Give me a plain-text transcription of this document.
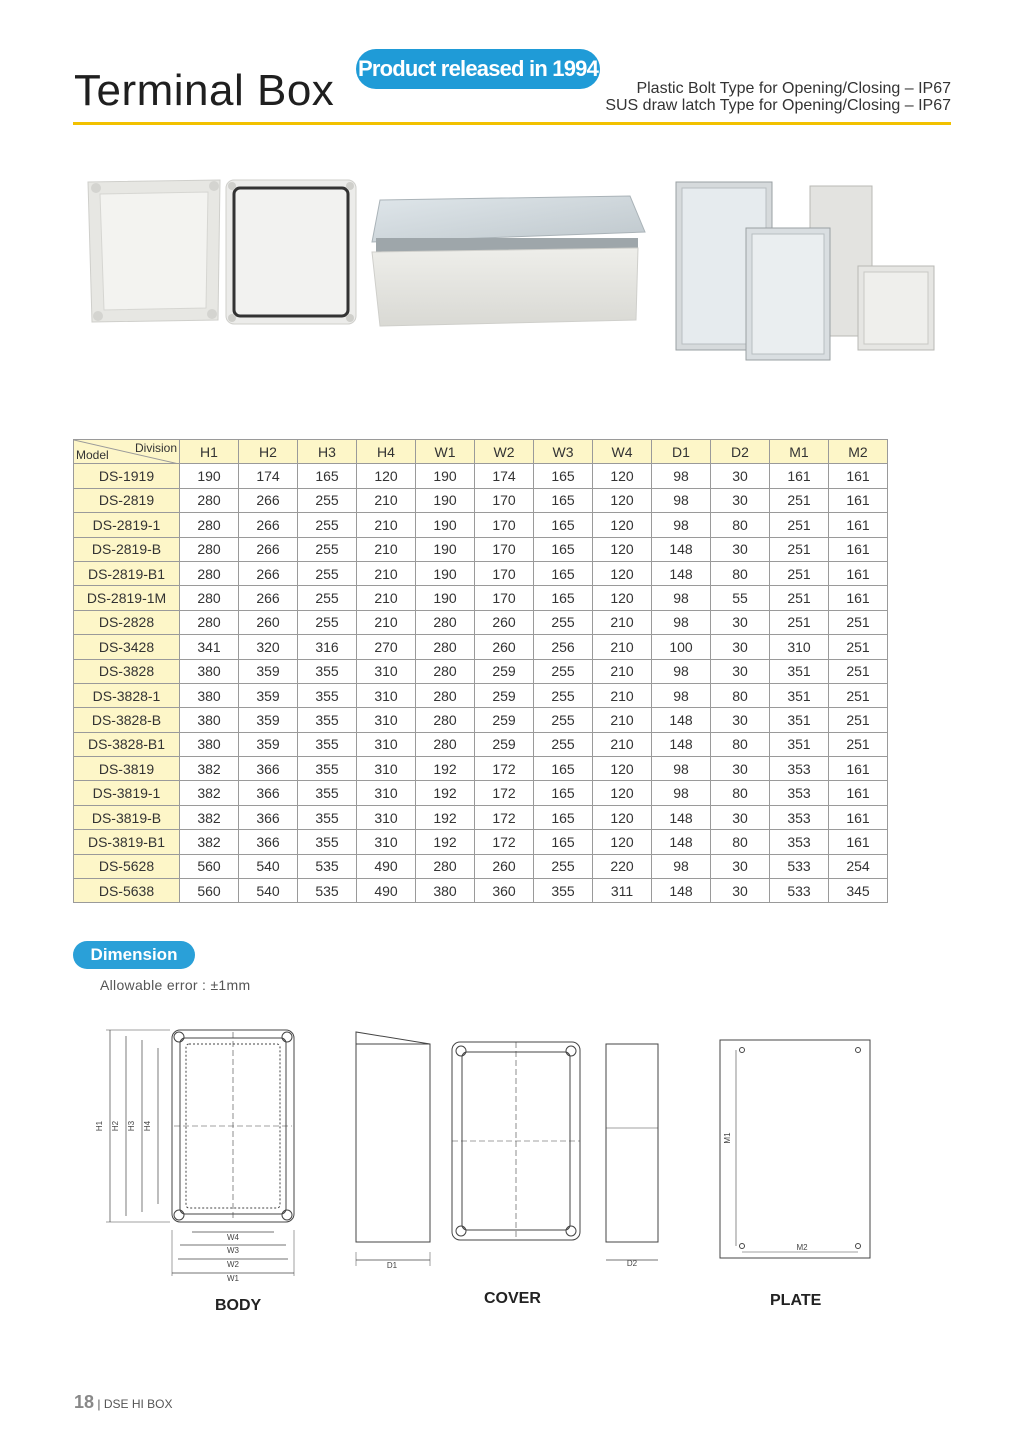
Terminal Box Product released in 1994
Plastic Bolt Type for Opening/Closing – IP67
SUS draw latch Type for Opening/Closing – IP67
Division
Model	H1	H2	H3	H4	W1	W2	W3	W4	D1	D2	M1	M2
DS-1919	190	174	165	120	190	174	165	120	98	30	161	161
DS-2819	280	266	255	210	190	170	165	120	98	30	251	161
DS-2819-1	280	266	255	210	190	170	165	120	98	80	251	161
DS-2819-B	280	266	255	210	190	170	165	120	148	30	251	161
DS-2819-B1	280	266	255	210	190	170	165	120	148	80	251	161
DS-2819-1M	280	266	255	210	190	170	165	120	98	55	251	161
DS-2828	280	260	255	210	280	260	255	210	98	30	251	251
DS-3428	341	320	316	270	280	260	256	210	100	30	310	251
DS-3828	380	359	355	310	280	259	255	210	98	30	351	251
DS-3828-1	380	359	355	310	280	259	255	210	98	80	351	251
DS-3828-B	380	359	355	310	280	259	255	210	148	30	351	251
DS-3828-B1	380	359	355	310	280	259	255	210	148	80	351	251
DS-3819	382	366	355	310	192	172	165	120	98	30	353	161
DS-3819-1	382	366	355	310	192	172	165	120	98	80	353	161
DS-3819-B	382	366	355	310	192	172	165	120	148	30	353	161
DS-3819-B1	382	366	355	310	192	172	165	120	148	80	353	161
DS-5628	560	540	535	490	280	260	255	220	98	30	533	254
DS-5638	560	540	535	490	380	360	355	311	148	30	533	345
Dimension
Allowable error : ±1mm
H1 H2 H3 H4
W4
W3
W2
W1
D1	D2
M1
M2
BODY	COVER	PLATE
18 | DSE HI BOX
